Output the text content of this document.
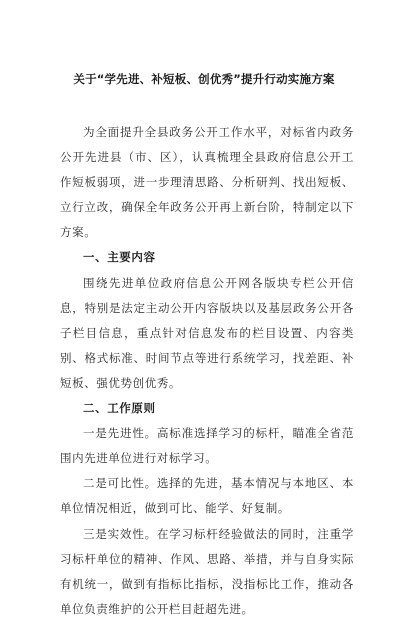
关于“学先进、补短板、创优秀”提升行动实施方案

为全面提升全县政务公开工作水平，对标省内政务公开先进县（市、区），认真梳理全县政府信息公开工作短板弱项，进一步理清思路、分析研判、找出短板、立行立改，确保全年政务公开再上新台阶，特制定以下方案。

一、主要内容

围绕先进单位政府信息公开网各版块专栏公开信息，特别是法定主动公开内容版块以及基层政务公开各子栏目信息，重点针对信息发布的栏目设置、内容类别、格式标准、时间节点等进行系统学习，找差距、补短板、强优势创优秀。

二、工作原则

一是先进性。高标准选择学习的标杆，瞄准全省范围内先进单位进行对标学习。

二是可比性。选择的先进，基本情况与本地区、本单位情况相近，做到可比、能学、好复制。

三是实效性。在学习标杆经验做法的同时，注重学习标杆单位的精神、作风、思路、举措，并与自身实际有机统一，做到有指标比指标，没指标比工作，推动各单位负责维护的公开栏目赶超先进。
